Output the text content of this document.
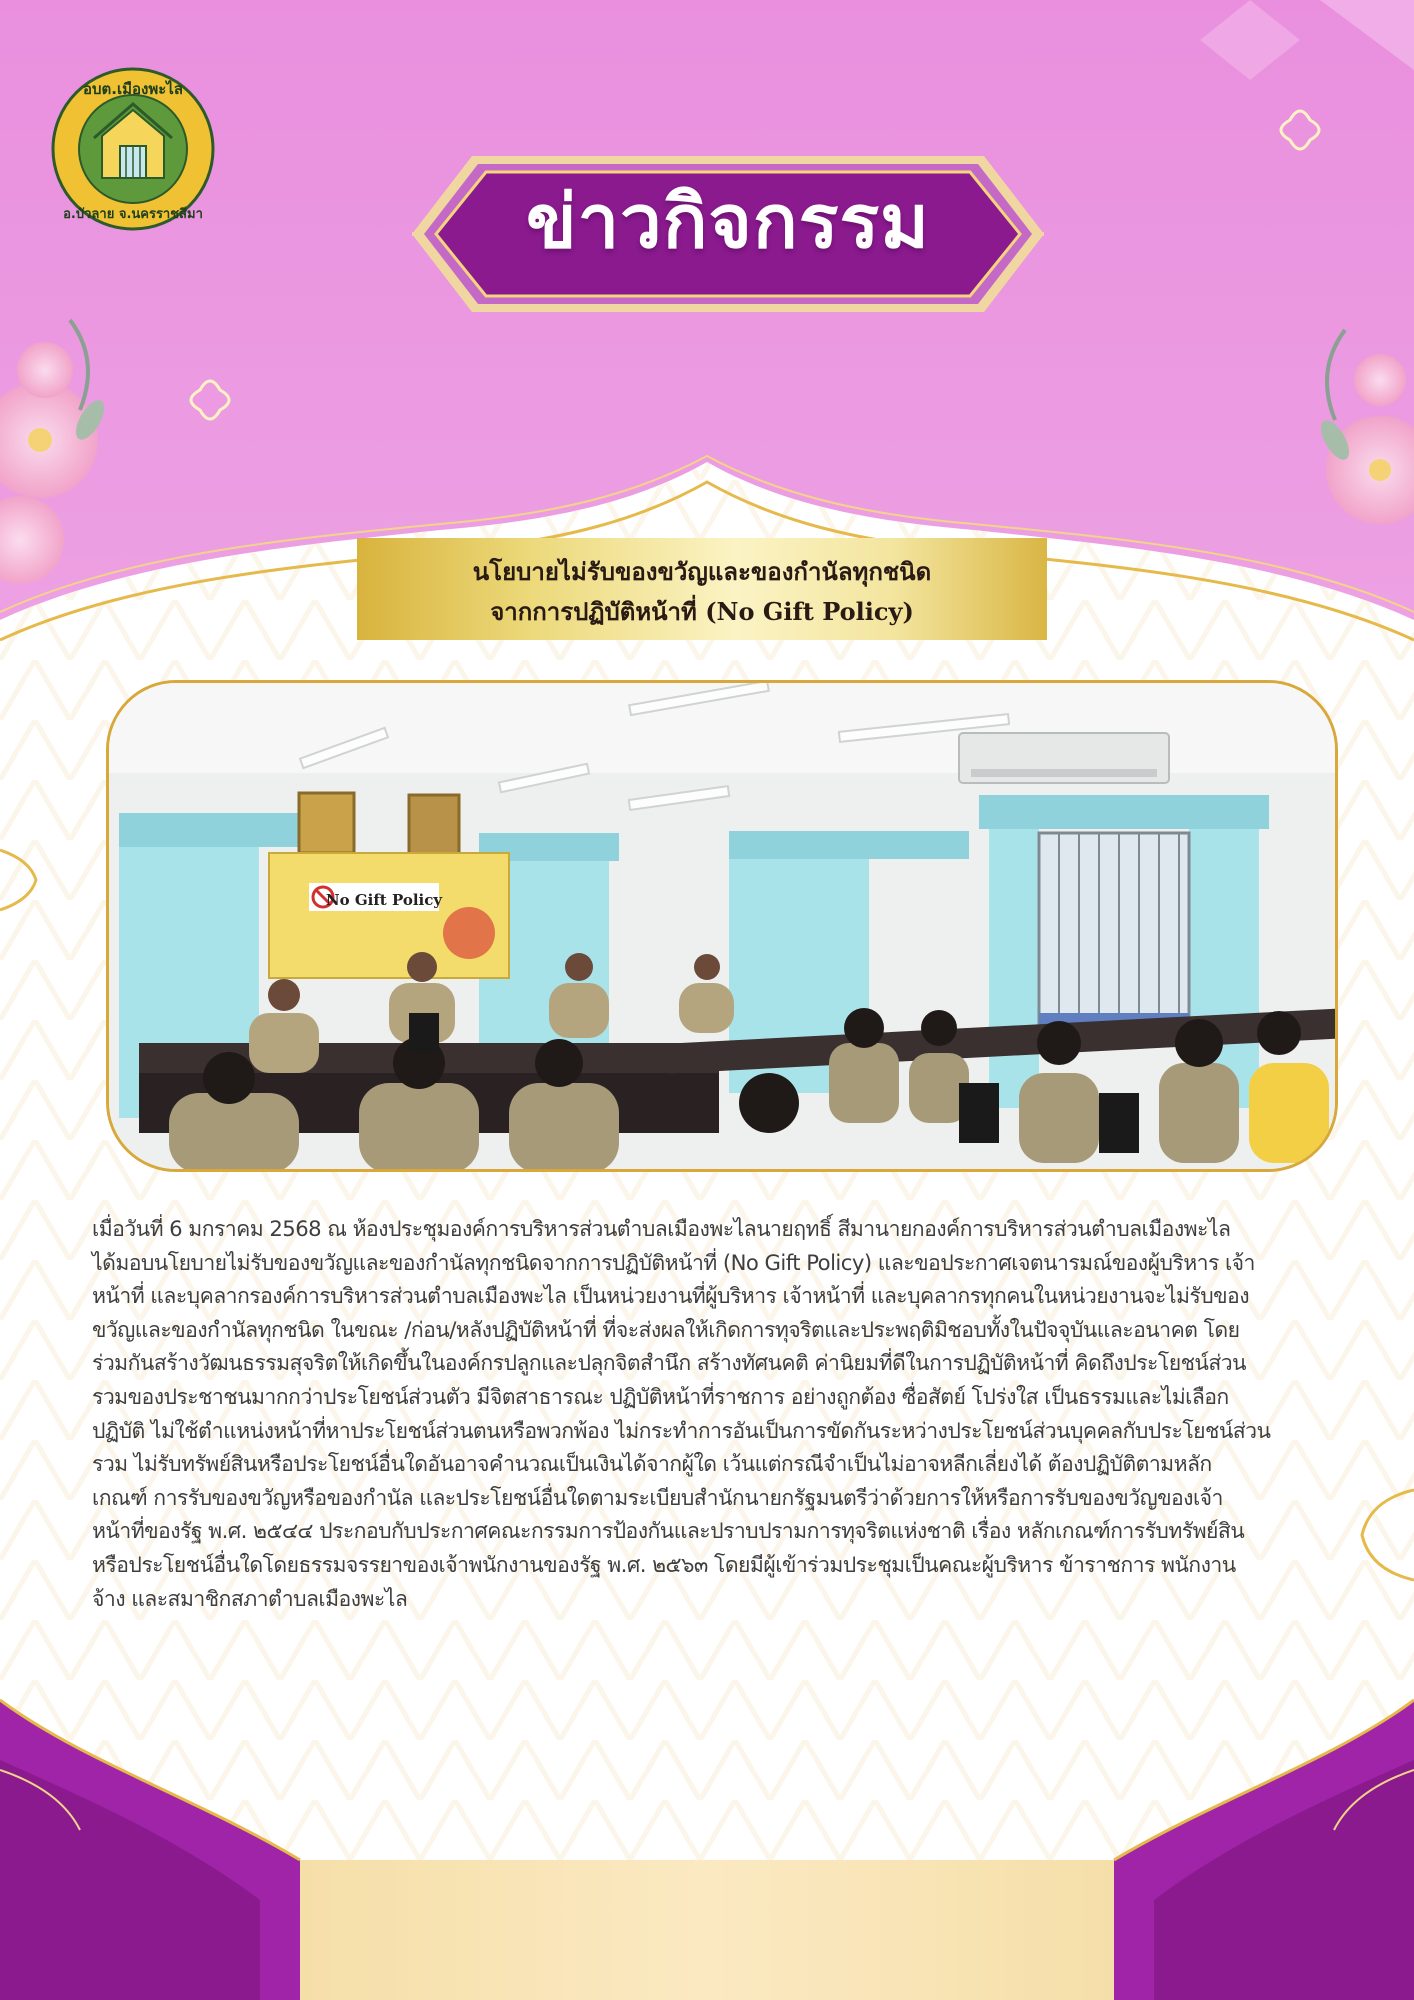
อบต.เมืองพะไล
อ.บัวลาย จ.นครราชสีมา	ข่าวกิจกรรม
นโยบายไม่รับของขวัญและของกำนัลทุกชนิด
จากการปฏิบัติหน้าที่ (No Gift Policy)
No Gift Policy
เมื่อวันที่ 6 มกราคม 2568 ณ ห้องประชุมองค์การบริหารส่วนตำบลเมืองพะไลนายฤทธิ์ สีมานายกองค์การบริหารส่วนตำบลเมืองพะไล
ได้มอบนโยบายไม่รับของขวัญและของกำนัลทุกชนิดจากการปฏิบัติหน้าที่ (No Gift Policy) และขอประกาศเจตนารมณ์ของผู้บริหาร เจ้า
หน้าที่ และบุคลากรองค์การบริหารส่วนตำบลเมืองพะไล เป็นหน่วยงานที่ผู้บริหาร เจ้าหน้าที่ และบุคลากรทุกคนในหน่วยงานจะไม่รับของ
ขวัญและของกำนัลทุกชนิด ในขณะ /ก่อน/หลังปฏิบัติหน้าที่ ที่จะส่งผลให้เกิดการทุจริตและประพฤติมิชอบทั้งในปัจจุบันและอนาคต โดย
ร่วมกันสร้างวัฒนธรรมสุจริตให้เกิดขึ้นในองค์กรปลูกและปลุกจิตสำนึก สร้างทัศนคติ ค่านิยมที่ดีในการปฏิบัติหน้าที่ คิดถึงประโยชน์ส่วน
รวมของประชาชนมากกว่าประโยชน์ส่วนตัว มีจิตสาธารณะ ปฏิบัติหน้าที่ราชการ อย่างถูกต้อง ซื่อสัตย์ โปร่งใส เป็นธรรมและไม่เลือก
ปฏิบัติ ไม่ใช้ตำแหน่งหน้าที่หาประโยชน์ส่วนตนหรือพวกพ้อง ไม่กระทำการอันเป็นการขัดกันระหว่างประโยชน์ส่วนบุคคลกับประโยชน์ส่วน
รวม ไม่รับทรัพย์สินหรือประโยชน์อื่นใดอันอาจคำนวณเป็นเงินได้จากผู้ใด เว้นแต่กรณีจำเป็นไม่อาจหลีกเลี่ยงได้ ต้องปฏิบัติตามหลัก
เกณฑ์ การรับของขวัญหรือของกำนัล และประโยชน์อื่นใดตามระเบียบสำนักนายกรัฐมนตรีว่าด้วยการให้หรือการรับของขวัญของเจ้า
หน้าที่ของรัฐ พ.ศ. ๒๕๔๔ ประกอบกับประกาศคณะกรรมการป้องกันและปราบปรามการทุจริตแห่งชาติ เรื่อง หลักเกณฑ์การรับทรัพย์สิน
หรือประโยชน์อื่นใดโดยธรรมจรรยาของเจ้าพนักงานของรัฐ พ.ศ. ๒๕๖๓ โดยมีผู้เข้าร่วมประชุมเป็นคณะผู้บริหาร ข้าราชการ พนักงาน
จ้าง และสมาชิกสภาตำบลเมืองพะไล
